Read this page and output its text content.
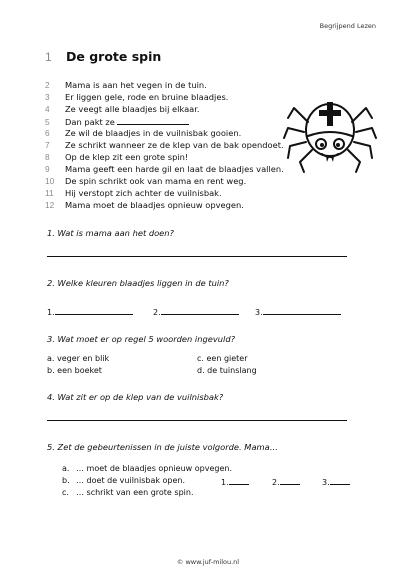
Begrijpend Lezen
1 De grote spin
2 Mama is aan het vegen in de tuin.
3 Er liggen gele, rode en bruine blaadjes.
4 Ze veegt alle blaadjes bij elkaar.
5 Dan pakt ze
6 Ze wil de blaadjes in de vuilnisbak gooien.
7 Ze schrikt wanneer ze de klep van de bak opendoet.
8 Op de klep zit een grote spin!
9 Mama geeft een harde gil en laat de blaadjes vallen.
10 De spin schrikt ook van mama en rent weg.
11 Hij verstopt zich achter de vuilnisbak.
12 Mama moet de blaadjes opnieuw opvegen.
1. Wat is mama aan het doen?
2. Welke kleuren blaadjes liggen in de tuin?
1.	2.	3.
3. Wat moet er op regel 5 woorden ingevuld?
a. veger en blik	c. een gieter
b. een boeket	d. de tuinslang
4. Wat zit er op de klep van de vuilnisbak?
5. Zet de gebeurtenissen in de juiste volgorde. Mama…
a. … moet de blaadjes opnieuw opvegen.
b. … doet de vuilnisbak open.
c. … schrikt van een grote spin.
1.	2.	3.
© www.juf-milou.nl
